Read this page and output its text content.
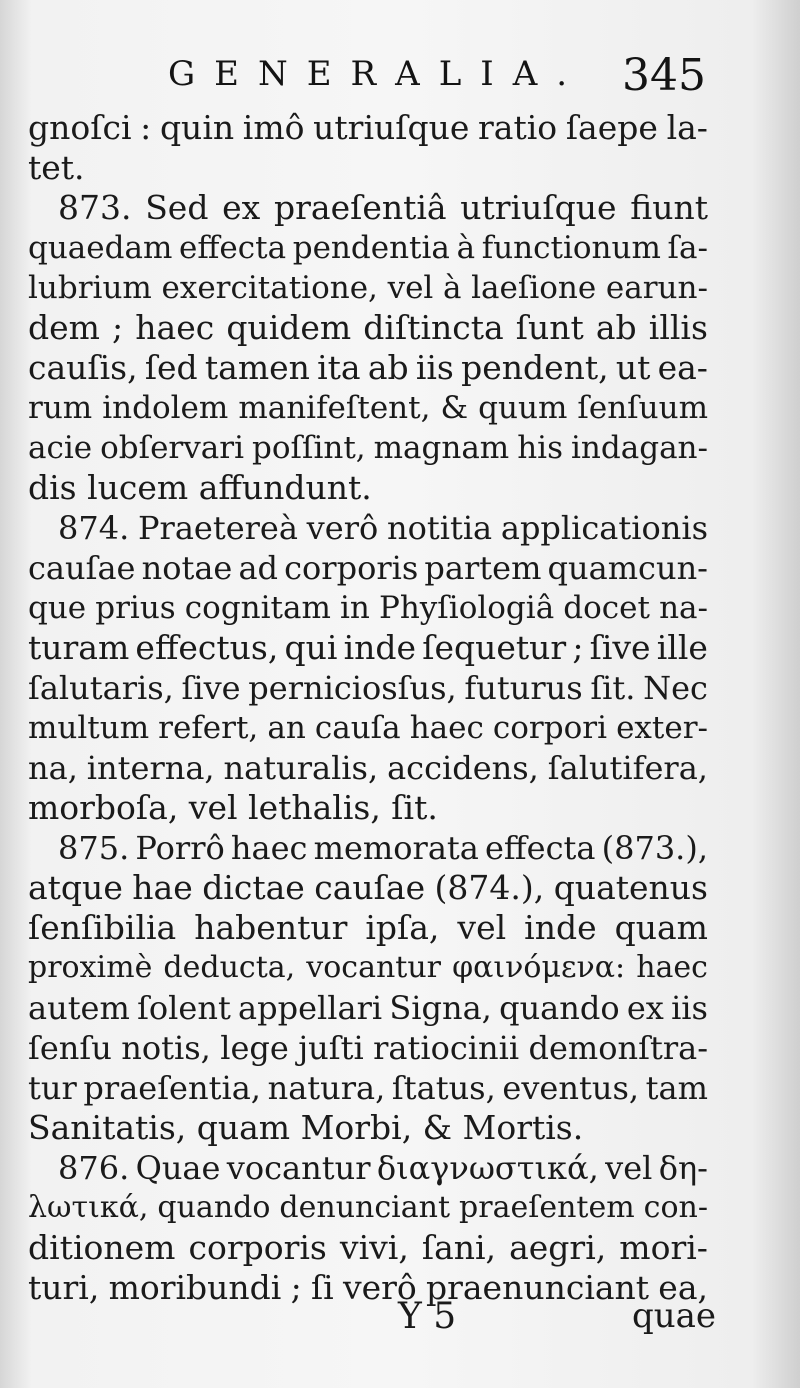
GENERALIA. 345
gnoſci : quin imô utriuſque ratio ſaepe la-
tet.
873. Sed ex praeſentiâ utriuſque fiunt
quaedam effecta pendentia à functionum ſa-
lubrium exercitatione, vel à laeſione earun-
dem ; haec quidem diſtincta ſunt ab illis
cauſis, ſed tamen ita ab iis pendent, ut ea-
rum indolem manifeſtent, & quum ſenſuum
acie obſervari poſſint, magnam his indagan-
dis lucem affundunt.
874. Praetereà verô notitia applicationis
cauſae notae ad corporis partem quamcun-
que prius cognitam in Phyſiologiâ docet na-
turam effectus, qui inde ſequetur ; ſive ille
ſalutaris, ſive perniciosſus, futurus ſit. Nec
multum refert, an cauſa haec corpori exter-
na, interna, naturalis, accidens, ſalutifera,
morboſa, vel lethalis, ſit.
875. Porrô haec memorata effecta (873.),
atque hae dictae cauſae (874.), quatenus
ſenſibilia habentur ipſa, vel inde quam
proximè deducta, vocantur φαινόμενα: haec
autem ſolent appellari Signa, quando ex iis
ſenſu notis, lege juſti ratiocinii demonſtra-
tur praeſentia, natura, ſtatus, eventus, tam
Sanitatis, quam Morbi, & Mortis.
876. Quae vocantur διαγνωστικά, vel δη-
λωτικά, quando denunciant praeſentem con-
ditionem corporis vivi, ſani, aegri, mori-
turi, moribundi ; ſi verô praenunciant ea,
Y 5	quae
